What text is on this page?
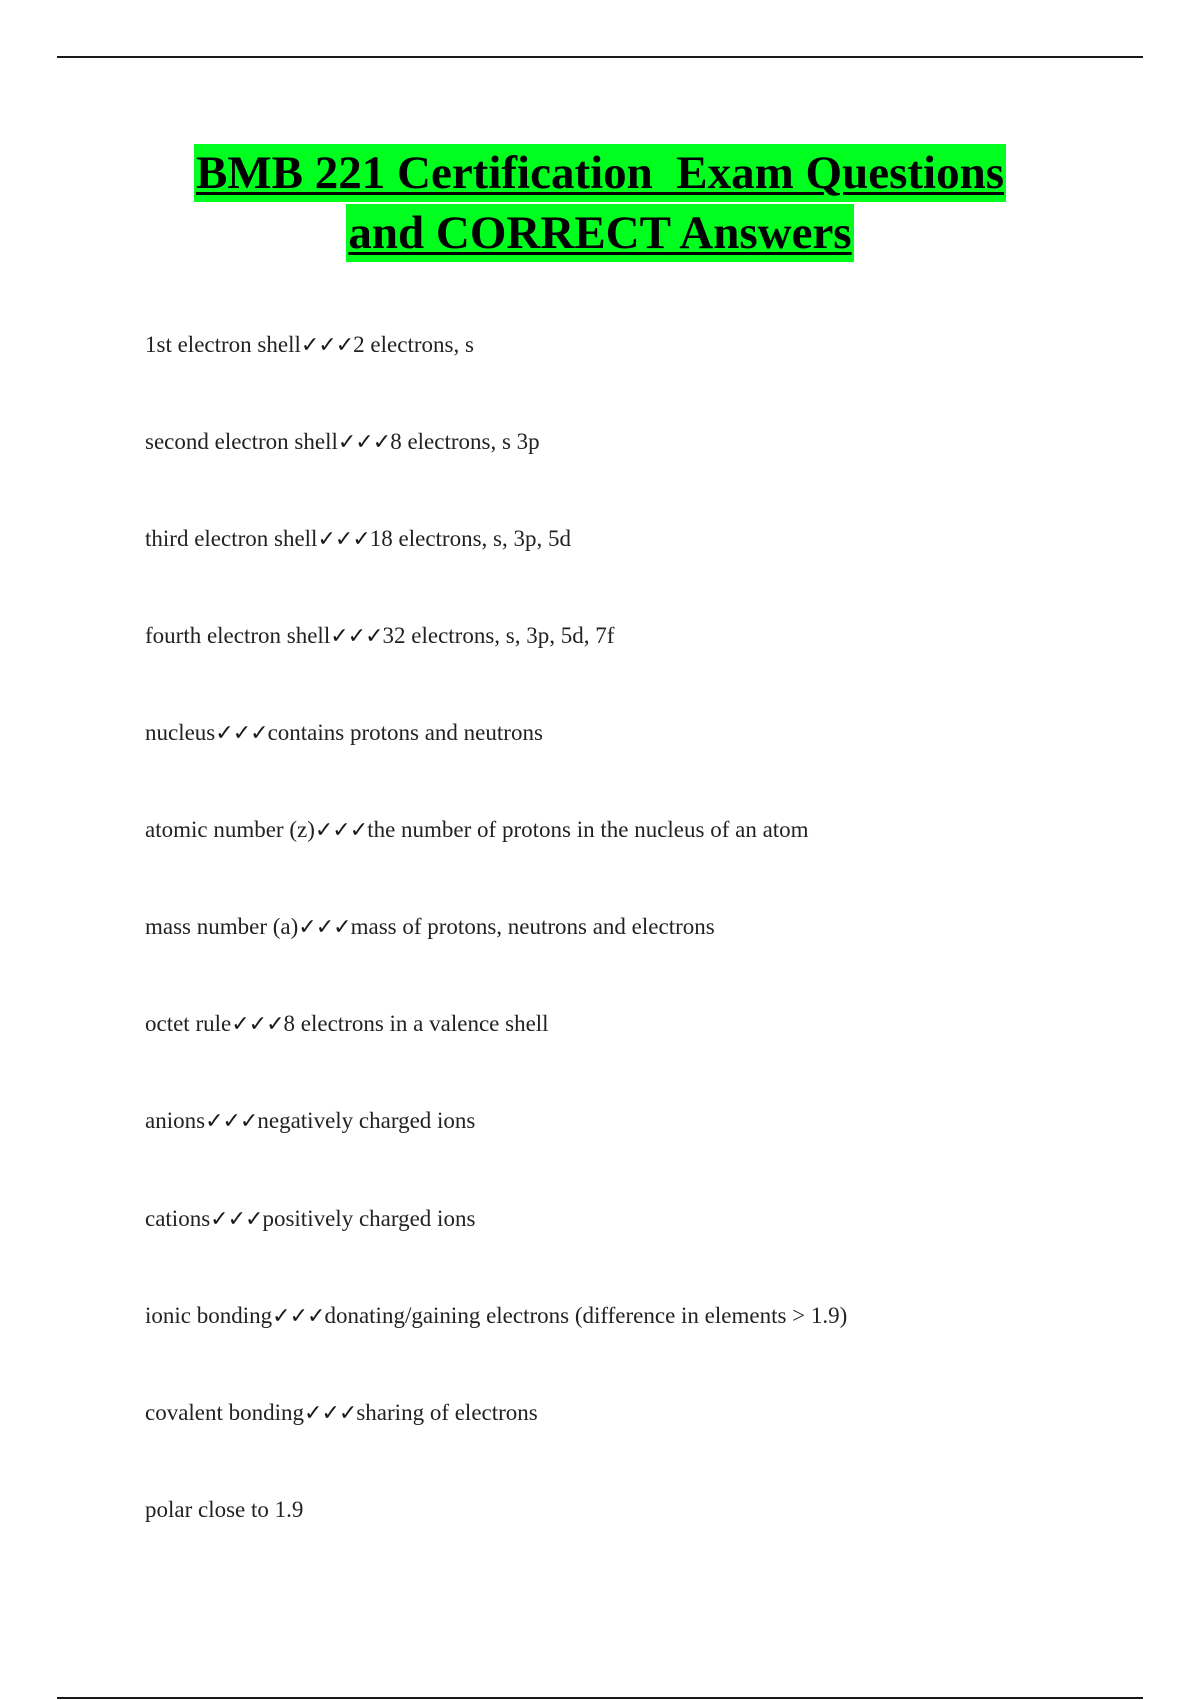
BMB 221 Certification  Exam Questions
and CORRECT Answers
1st electron shell✓✓✓2 electrons, s
second electron shell✓✓✓8 electrons, s 3p
third electron shell✓✓✓18 electrons, s, 3p, 5d
fourth electron shell✓✓✓32 electrons, s, 3p, 5d, 7f
nucleus✓✓✓contains protons and neutrons
atomic number (z)✓✓✓the number of protons in the nucleus of an atom
mass number (a)✓✓✓mass of protons, neutrons and electrons
octet rule✓✓✓8 electrons in a valence shell
anions✓✓✓negatively charged ions
cations✓✓✓positively charged ions
ionic bonding✓✓✓donating/gaining electrons (difference in elements > 1.9)
covalent bonding✓✓✓sharing of electrons
polar close to 1.9
